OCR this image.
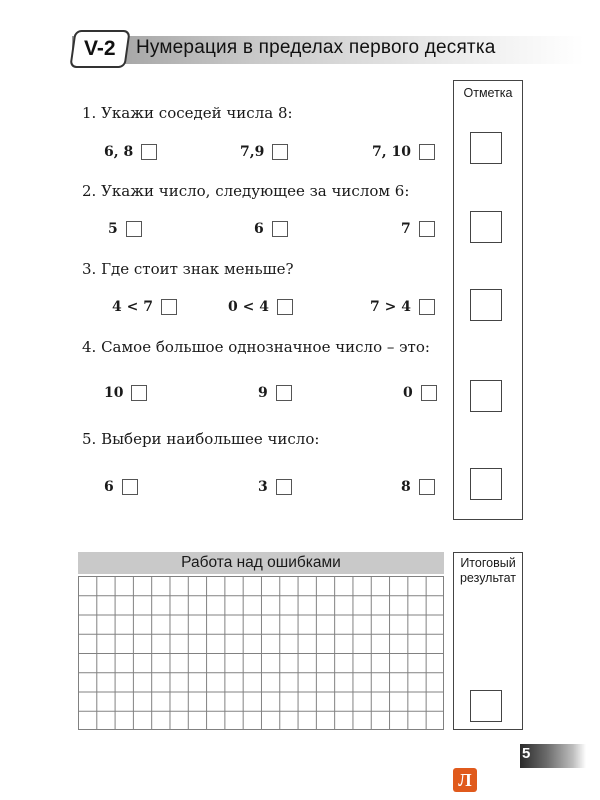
V-2 Нумерация в пределах первого десятка
Отметка
1. Укажи соседей числа 8:
6, 8	7,9	7, 10
2. Укажи число, следующее за числом 6:
5	6	7
3. Где стоит знак меньше?
4 < 7	0 < 4	7 > 4
4. Самое большое однозначное число – это:
10	9	0
5. Выбери наибольшее число:
6	3	8
Работа над ошибками	Итоговый результат
5
Л
